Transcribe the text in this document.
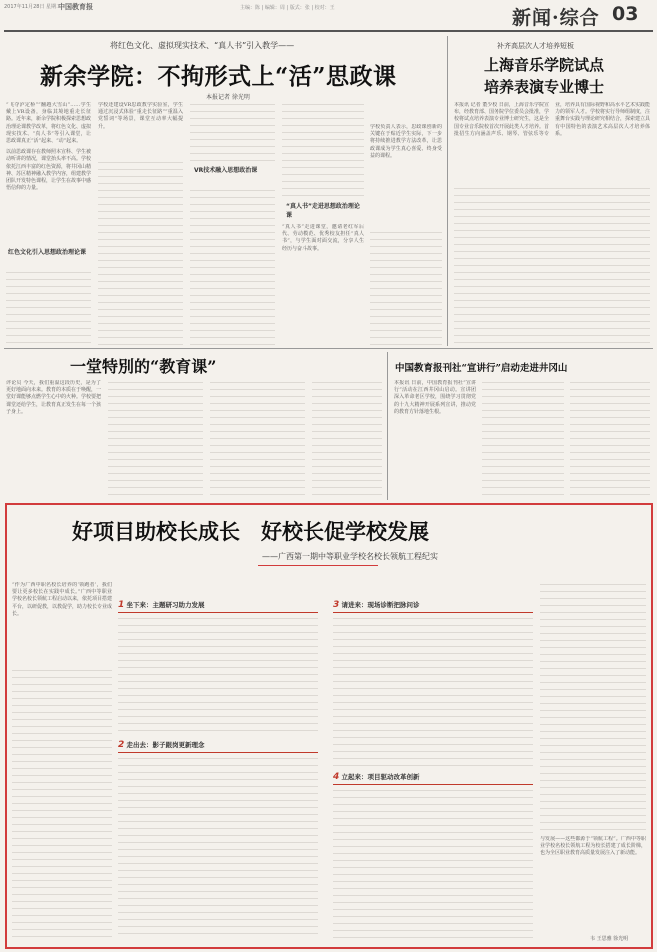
2017年11月28日 星期二
中国教育报	主编：陈 | 编辑：周 | 版式：张 | 校对：王	新闻·综合 03
将红色文化、虚拟现实技术、“真人书”引入教学——
新余学院：不拘形式上“活”思政课
本报记者 徐光明
“飞夺泸定桥”“翻越大雪山”……学生戴上VR设备，身临其境地重走长征路。近年来，新余学院积极探索思想政治理论课教学改革，将红色文化、虚拟现实技术、“真人书”等引入课堂，让思政课真正“活”起来、“动”起来。
以前思政课存在教师照本宣科、学生被动听讲的情况，课堂抬头率不高。学校依托江西丰富的红色资源，将井冈山精神、苏区精神融入教学内容，组建教学团队开发特色课程，让学生在故事中感悟信仰的力量。
红色文化引入思想政治理论课
学校还建设VR思政教学实验室，学生通过沉浸式体验“重走长征路”“重温入党誓词”等场景，课堂互动率大幅提升。
VR技术融入思想政治课
“真人书”走进思想政治理论课
“真人书”走进课堂，邀请老红军后代、劳动模范、优秀校友担任“真人书”，与学生面对面交流，分享人生经历与奋斗故事。
学校负责人表示，思政课创新的关键在于贴近学生实际，下一步将持续推进教学方法改革，让思政课成为学生真心喜爱、终身受益的课程。
补齐高层次人才培养短板
上海音乐学院试点
培养表演专业博士
本报讯 记者 董少校 日前，上海音乐学院宣布，经教育部、国务院学位委员会批准，学校将试点培养表演专业博士研究生，这是全国专业音乐院校首次开展此类人才培养。首批招生方向涵盖声乐、钢琴、管弦乐等专业，培养具有国际视野和高水平艺术实践能力的领军人才。学校将实行导师组制度，注重舞台实践与理论研究相结合，探索建立具有中国特色的表演艺术高层次人才培养体系。
一堂特別的“教育课”
评论员 今天，我们重温这段历史，是为了更好地面向未来。教育的本质在于唤醒，一堂好课能够点燃学生心中的火种。学校要把课堂还给学生，让教育真正发生在每一个孩子身上。
中国教育报刊社“宣讲行”启动走进井冈山
本报讯 日前，中国教育报刊社“宣讲行”活动在江西井冈山启动。宣讲团深入革命老区学校，围绕学习贯彻党的十九大精神开展系列宣讲，推动党的教育方针落地生根。
好项目助校长成长　好校长促学校发展
——广西第一期中等职业学校名校长领航工程纪实
“作为广西中职名校长培养的‘领跑者’，我们要让更多校长在实践中成长。”广西中等职业学校名校长领航工程启动以来，依托项目搭建平台，以研促教，以教促学，助力校长专业成长。
1 坐下来：主题研习助力发展
2 走出去：影子跟岗更新理念
3 请进来：现场诊断把脉问诊
4 立起来：项目驱动改革创新
与发展——这些都源于“领航工程”。广西中等职业学校名校长领航工程为校长搭建了成长阶梯，也为全区职业教育高质量发展注入了新动能。
韦 王思雅 徐光明
